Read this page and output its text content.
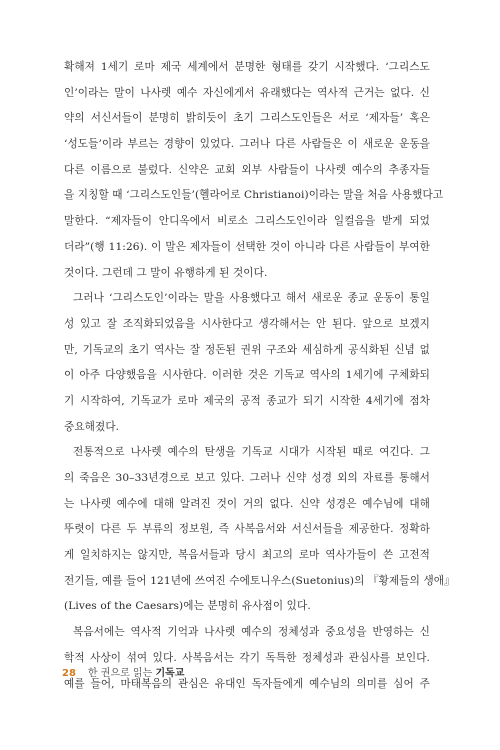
확해져 1세기 로마 제국 세계에서 분명한 형태를 갖기 시작했다. ‘그리스도
인’이라는 말이 나사렛 예수 자신에게서 유래했다는 역사적 근거는 없다. 신
약의 서신서들이 분명히 밝히듯이 초기 그리스도인들은 서로 ‘제자들’ 혹은
‘성도들’이라 부르는 경향이 있었다. 그러나 다른 사람들은 이 새로운 운동을
다른 이름으로 불렀다. 신약은 교회 외부 사람들이 나사렛 예수의 추종자들
을 지칭할 때 ‘그리스도인들’(헬라어로 Christianoi)이라는 말을 처음 사용했다고
말한다. “제자들이 안디옥에서 비로소 그리스도인이라 일컬음을 받게 되었
더라”(행 11:26). 이 말은 제자들이 선택한 것이 아니라 다른 사람들이 부여한
것이다. 그런데 그 말이 유행하게 된 것이다.
그러나 ‘그리스도인’이라는 말을 사용했다고 해서 새로운 종교 운동이 통일
성 있고 잘 조직화되었음을 시사한다고 생각해서는 안 된다. 앞으로 보겠지
만, 기독교의 초기 역사는 잘 정돈된 권위 구조와 세심하게 공식화된 신념 없
이 아주 다양했음을 시사한다. 이러한 것은 기독교 역사의 1세기에 구체화되
기 시작하여, 기독교가 로마 제국의 공적 종교가 되기 시작한 4세기에 점차
중요해졌다.
전통적으로 나사렛 예수의 탄생을 기독교 시대가 시작된 때로 여긴다. 그
의 죽음은 30–33년경으로 보고 있다. 그러나 신약 성경 외의 자료를 통해서
는 나사렛 예수에 대해 알려진 것이 거의 없다. 신약 성경은 예수님에 대해
뚜렷이 다른 두 부류의 정보원, 즉 사복음서와 서신서들을 제공한다. 정확하
게 일치하지는 않지만, 복음서들과 당시 최고의 로마 역사가들이 쓴 고전적
전기들, 예를 들어 121년에 쓰여진 수에토니우스(Suetonius)의 『황제들의 생애』
(Lives of the Caesars)에는 분명히 유사점이 있다.
복음서에는 역사적 기억과 나사렛 예수의 정체성과 중요성을 반영하는 신
학적 사상이 섞여 있다. 사복음서는 각기 독특한 정체성과 관심사를 보인다.
예를 들어, 마태복음의 관심은 유대인 독자들에게 예수님의 의미를 심어 주
28 한 권으로 읽는 기독교
